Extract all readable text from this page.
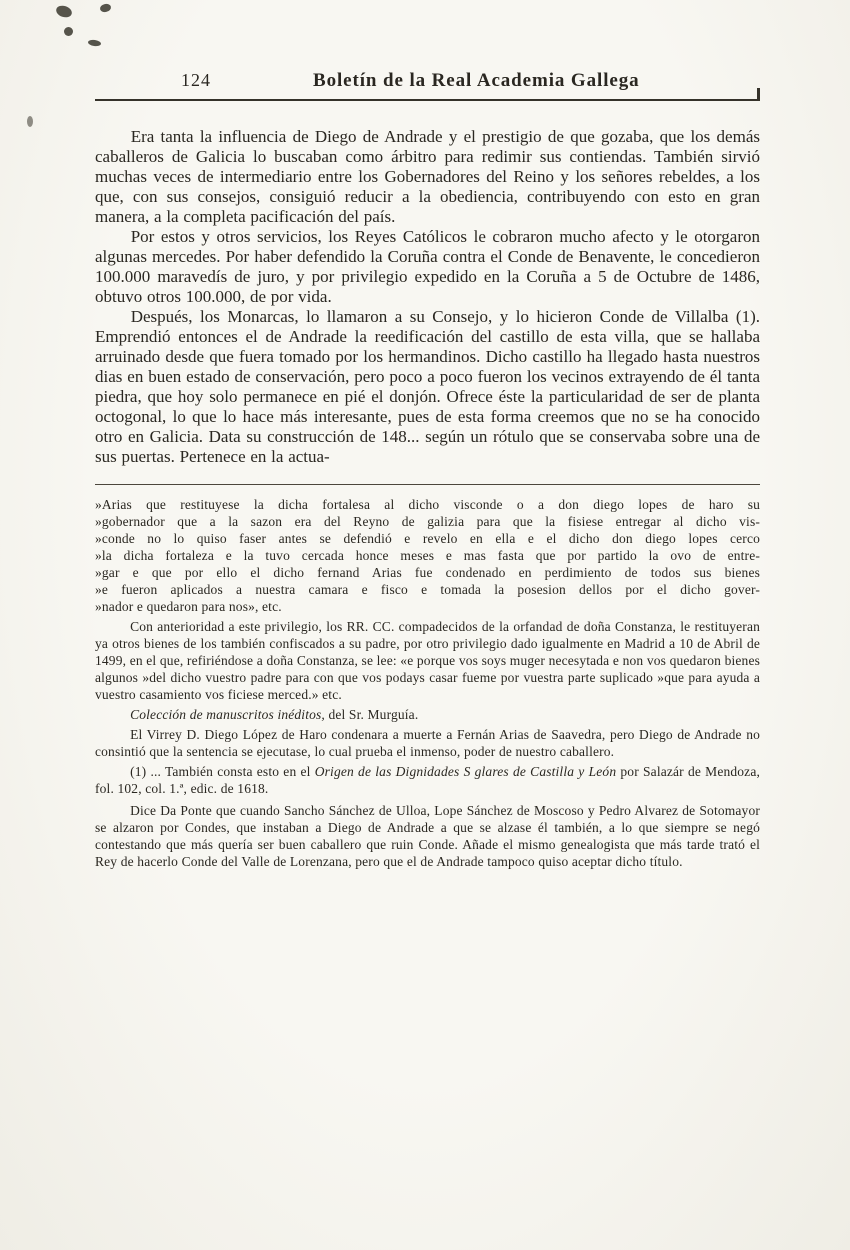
124	Boletín de la Real Academia Gallega

Era tanta la influencia de Diego de Andrade y el prestigio de que gozaba, que los demás caballeros de Galicia lo buscaban como árbitro para redimir sus contiendas. También sirvió muchas veces de intermediario entre los Gobernadores del Reino y los señores rebeldes, a los que, con sus consejos, consiguió reducir a la obediencia, contribuyendo con esto en gran manera, a la completa pacificación del país.

Por estos y otros servicios, los Reyes Católicos le cobraron mucho afecto y le otorgaron algunas mercedes. Por haber defendido la Coruña contra el Conde de Benavente, le concedieron 100.000 maravedís de juro, y por privilegio expedido en la Coruña a 5 de Octubre de 1486, obtuvo otros 100.000, de por vida.

Después, los Monarcas, lo llamaron a su Consejo, y lo hicieron Conde de Villalba (1). Emprendió entonces el de Andrade la reedificación del castillo de esta villa, que se hallaba arruinado desde que fuera tomado por los hermandinos. Dicho castillo ha llegado hasta nuestros dias en buen estado de conservación, pero poco a poco fueron los vecinos extrayendo de él tanta piedra, que hoy solo permanece en pié el donjón. Ofrece éste la particularidad de ser de planta octogonal, lo que lo hace más interesante, pues de esta forma creemos que no se ha conocido otro en Galicia. Data su construcción de 148... según un rótulo que se conservaba sobre una de sus puertas. Pertenece en la actua-

»Arias que restituyese la dicha fortalesa al dicho visconde o a don diego lopes de haro su
»gobernador que a la sazon era del Reyno de galizia para que la fisiese entregar al dicho vis-
»conde no lo quiso faser antes se defendió e revelo en ella e el dicho don diego lopes cerco
»la dicha fortaleza e la tuvo cercada honce meses e mas fasta que por partido la ovo de entre-
»gar e que por ello el dicho fernand Arias fue condenado en perdimiento de todos sus bienes
»e fueron aplicados a nuestra camara e fisco e tomada la posesion dellos por el dicho gover-
»nador e quedaron para nos», etc.

Con anterioridad a este privilegio, los RR. CC. compadecidos de la orfandad de doña Constanza, le restituyeran ya otros bienes de los también confiscados a su padre, por otro privilegio dado igualmente en Madrid a 10 de Abril de 1499, en el que, refiriéndose a doña Constanza, se lee: «e porque vos soys muger necesytada e non vos quedaron bienes algunos »del dicho vuestro padre para con que vos podays casar fueme por vuestra parte suplicado »que para ayuda a vuestro casamiento vos ficiese merced.» etc.

Colección de manuscritos inéditos, del Sr. Murguía.

El Virrey D. Diego López de Haro condenara a muerte a Fernán Arias de Saavedra, pero Diego de Andrade no consintió que la sentencia se ejecutase, lo cual prueba el inmenso, poder de nuestro caballero.

(1) ... También consta esto en el Origen de las Dignidades S glares de Castilla y León por Salazár de Mendoza, fol. 102, col. 1.ª, edic. de 1618.

Dice Da Ponte que cuando Sancho Sánchez de Ulloa, Lope Sánchez de Moscoso y Pedro Alvarez de Sotomayor se alzaron por Condes, que instaban a Diego de Andrade a que se alzase él también, a lo que siempre se negó contestando que más quería ser buen caballero que ruin Conde. Añade el mismo genealogista que más tarde trató el Rey de hacerlo Conde del Valle de Lorenzana, pero que el de Andrade tampoco quiso aceptar dicho título.
